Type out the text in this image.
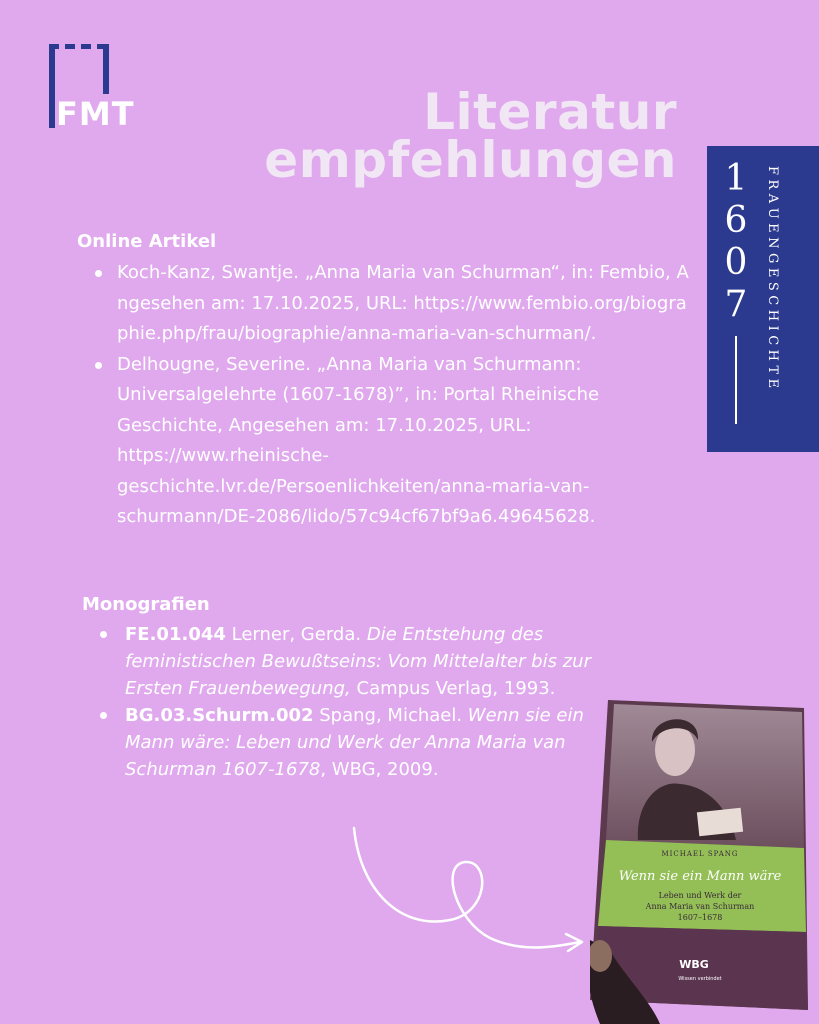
FMT	Literatur
empfehlungen 1
6
0
7 FRAUENGESCHICHTE
Online Artikel
Koch-Kanz, Swantje. „Anna Maria van Schurman“, in: Fembio, Angesehen am: 17.10.2025, URL: https://www.fembio.org/biographie.php/frau/biographie/anna-maria-van-schurman/.
Delhougne, Severine. „Anna Maria van Schurmann: Universalgelehrte (1607-1678)”, in: Portal Rheinische Geschichte, Angesehen am: 17.10.2025, URL: https://www.rheinische-geschichte.lvr.de/Persoenlichkeiten/anna-maria-van-schurmann/DE-2086/lido/57c94cf67bf9a6.49645628.
Monografien
FE.01.044 Lerner, Gerda. Die Entstehung des feministischen Bewußtseins: Vom Mittelalter bis zur Ersten Frauenbewegung, Campus Verlag, 1993.
BG.03.Schurm.002 Spang, Michael. Wenn sie ein Mann wäre: Leben und Werk der Anna Maria van Schurman 1607-1678, WBG, 2009.
MICHAEL SPANG
Wenn sie ein Mann wäre
Leben und Werk der
Anna Maria van Schurman
1607–1678
WBG
Wissen verbindet
